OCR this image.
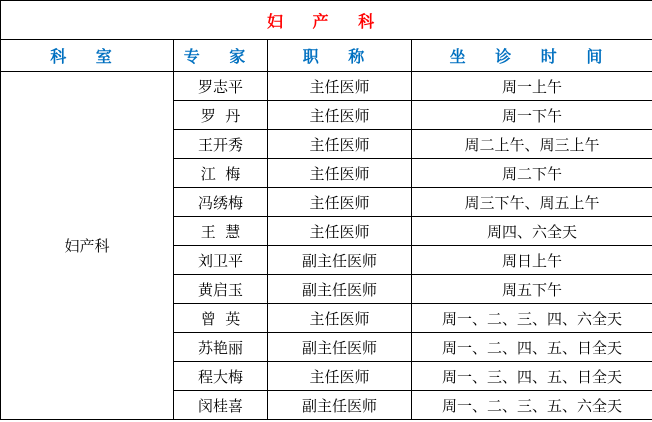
妇 产 科			
科 室	专 家	职 称	坐 诊 时 间
妇产科	罗志平	主任医师	周一上午
	罗  丹	主任医师	周一下午
	王开秀	主任医师	周二上午、周三上午
	江  梅	主任医师	周二下午
	冯绣梅	主任医师	周三下午、周五上午
	王  慧	主任医师	周四、六全天
	刘卫平	副主任医师	周日上午
	黄启玉	副主任医师	周五下午
	曾  英	主任医师	周一、二、三、四、六全天
	苏艳丽	副主任医师	周一、二、四、五、日全天
	程大梅	主任医师	周一、三、四、五、日全天
	闵桂喜	副主任医师	周一、二、三、五、六全天
